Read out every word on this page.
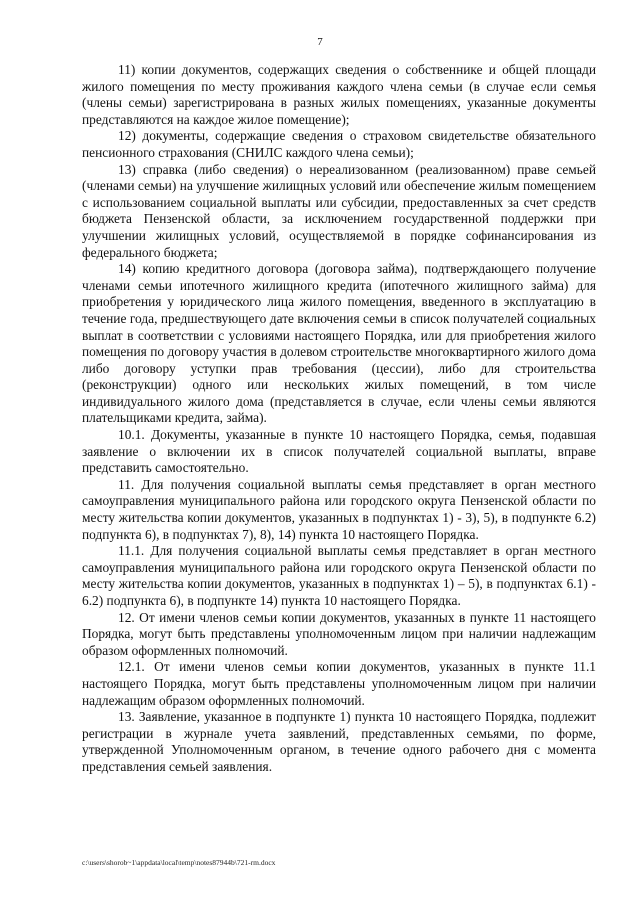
7

11) копии документов, содержащих сведения о собственнике и общей площади жилого помещения по месту проживания каждого члена семьи (в случае если семья (члены семьи) зарегистрирована в разных жилых помещениях, указанные документы представляются на каждое жилое помещение);

12) документы, содержащие сведения о страховом свидетельстве обязательного пенсионного страхования (СНИЛС каждого члена семьи);

13) справка (либо сведения) о нереализованном (реализованном) праве семьей (членами семьи) на улучшение жилищных условий или обеспечение жилым помещением с использованием социальной выплаты или субсидии, предоставленных за счет средств бюджета Пензенской области, за исключением государственной поддержки при улучшении жилищных условий, осуществляемой в порядке софинансирования из федерального бюджета;

14) копию кредитного договора (договора займа), подтверждающего получение членами семьи ипотечного жилищного кредита (ипотечного жилищного займа) для приобретения у юридического лица жилого помещения, введенного в эксплуатацию в течение года, предшествующего дате включения семьи в список получателей социальных выплат в соответствии с условиями настоящего Порядка, или для приобретения жилого помещения по договору участия в долевом строительстве многоквартирного жилого дома либо договору уступки прав требования (цессии), либо для строительства (реконструкции) одного или нескольких жилых помещений, в том числе индивидуального жилого дома (представляется в случае, если члены семьи являются плательщиками кредита, займа).

10.1. Документы, указанные в пункте 10 настоящего Порядка, семья, подавшая заявление о включении их в список получателей социальной выплаты, вправе представить самостоятельно.

11. Для получения социальной выплаты семья представляет в орган местного самоуправления муниципального района или городского округа Пензенской области по месту жительства копии документов, указанных в подпунктах 1) - 3), 5), в подпункте 6.2) подпункта 6), в подпунктах 7), 8), 14) пункта 10 настоящего Порядка.

11.1. Для получения социальной выплаты семья представляет в орган местного самоуправления муниципального района или городского округа Пензенской области по месту жительства копии документов, указанных в подпунктах 1) – 5), в подпунктах 6.1) - 6.2) подпункта 6), в подпункте 14) пункта 10 настоящего Порядка.

12. От имени членов семьи копии документов, указанных в пункте 11 настоящего Порядка, могут быть представлены уполномоченным лицом при наличии надлежащим образом оформленных полномочий.

12.1. От имени членов семьи копии документов, указанных в пункте 11.1 настоящего Порядка, могут быть представлены уполномоченным лицом при наличии надлежащим образом оформленных полномочий.

13. Заявление, указанное в подпункте 1) пункта 10 настоящего Порядка, подлежит регистрации в журнале учета заявлений, представленных семьями, по форме, утвержденной Уполномоченным органом, в течение одного рабочего дня с момента представления семьей заявления.

c:\users\shorob~1\appdata\local\temp\notes87944b\721-rm.docx
